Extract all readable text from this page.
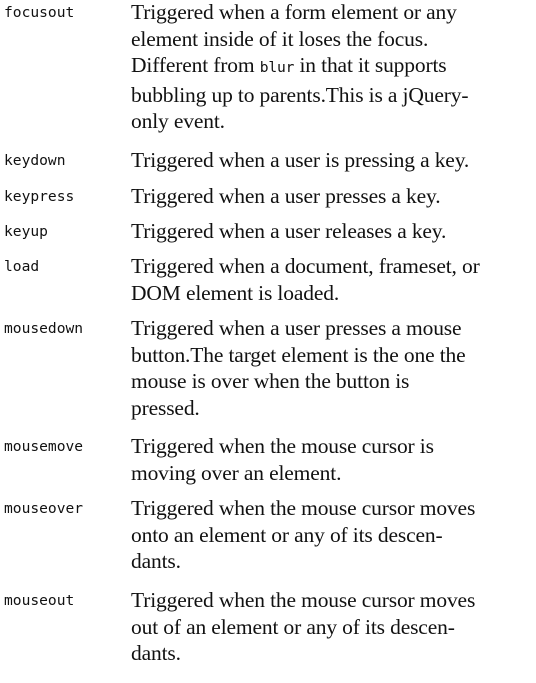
focusout	Triggered when a form element or any
element inside of it loses the focus.
Different from blur in that it supports
bubbling up to parents.This is a jQuery-
only event.
keydown	Triggered when a user is pressing a key.
keypress	Triggered when a user presses a key.
keyup	Triggered when a user releases a key.
load	Triggered when a document, frameset, or
DOM element is loaded.
mousedown Triggered when a user presses a mouse
button.The target element is the one the
mouse is over when the button is
pressed.
mousemove Triggered when the mouse cursor is
moving over an element.
mouseover Triggered when the mouse cursor moves
onto an element or any of its descen-
dants.
mouseout	Triggered when the mouse cursor moves
out of an element or any of its descen-
dants.
